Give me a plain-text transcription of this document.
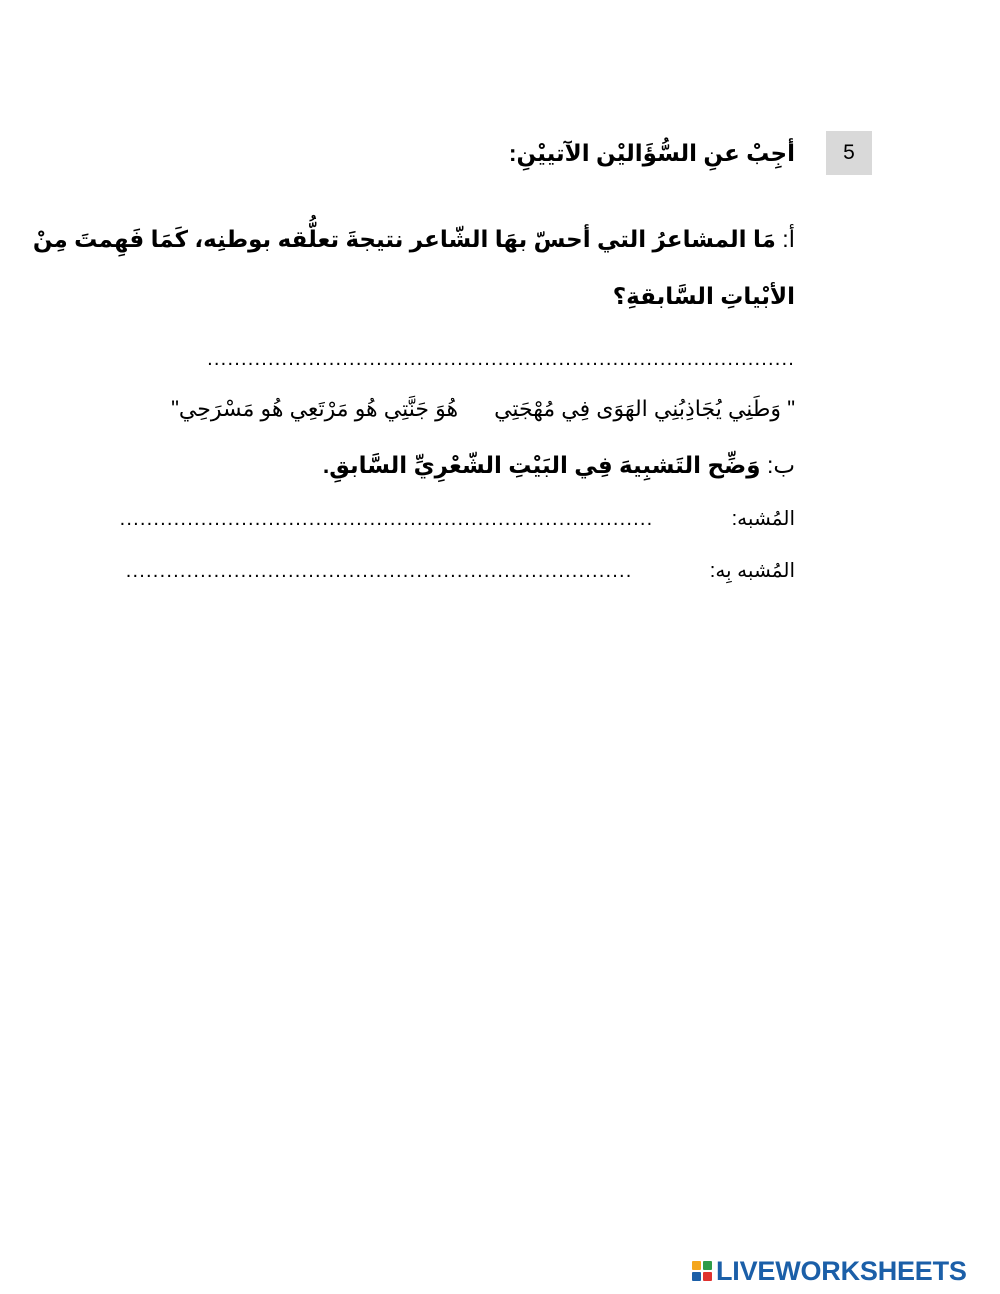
5
أجِبْ عنِ السُّؤَاليْن الآتييْنِ:
أ: مَا المشاعرُ التي أحسّ بهَا الشّاعر نتيجةَ تعلُّقه بوطنِه، كَمَا فَهِمتَ مِنْ
الأبْياتِ السَّابقةِ؟
.......................................................................................
" وَطَنِي يُجَاذِبُنِي الهَوَى فِي مُهْجَتِيهُوَ جَنَّتِي هُو مَرْتَعِي هُو مَسْرَحِي"
ب: وَضِّح التَشبِيهَ فِي البَيْتِ الشّعْرِيِّ السَّابقِ.
المُشبه:
...............................................................................
المُشبه بِه:
...........................................................................
LIVEWORKSHEETS
